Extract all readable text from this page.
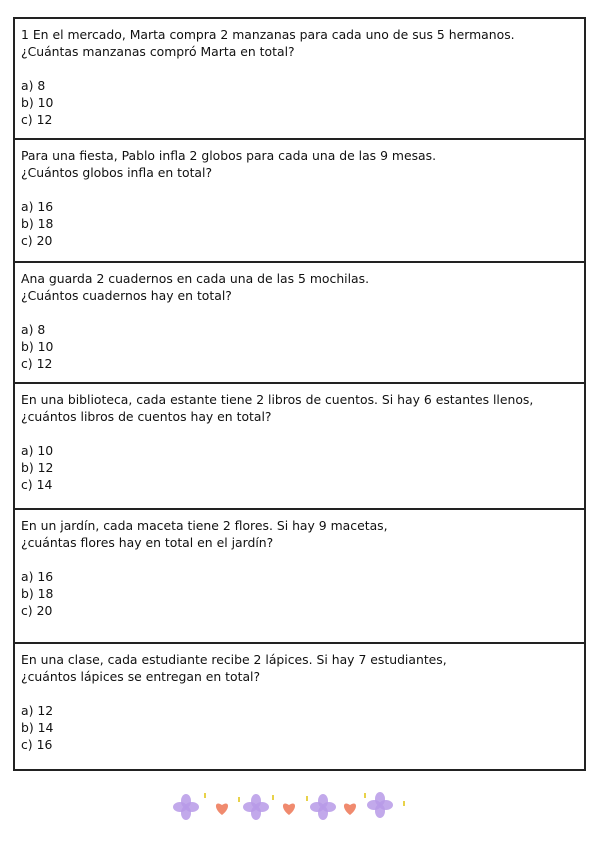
1 En el mercado, Marta compra 2 manzanas para cada uno de sus 5 hermanos.
¿Cuántas manzanas compró Marta en total?
a) 8
b) 10
c) 12
Para una fiesta, Pablo infla 2 globos para cada una de las 9 mesas.
¿Cuántos globos infla en total?
a) 16
b) 18
c) 20
Ana guarda 2 cuadernos en cada una de las 5 mochilas.
¿Cuántos cuadernos hay en total?
a) 8
b) 10
c) 12
En una biblioteca, cada estante tiene 2 libros de cuentos. Si hay 6 estantes llenos,
¿cuántos libros de cuentos hay en total?
a) 10
b) 12
c) 14
En un jardín, cada maceta tiene 2 flores. Si hay 9 macetas,
¿cuántas flores hay en total en el jardín?
a) 16
b) 18
c) 20
En una clase, cada estudiante recibe 2 lápices. Si hay 7 estudiantes,
¿cuántos lápices se entregan en total?
a) 12
b) 14
c) 16
